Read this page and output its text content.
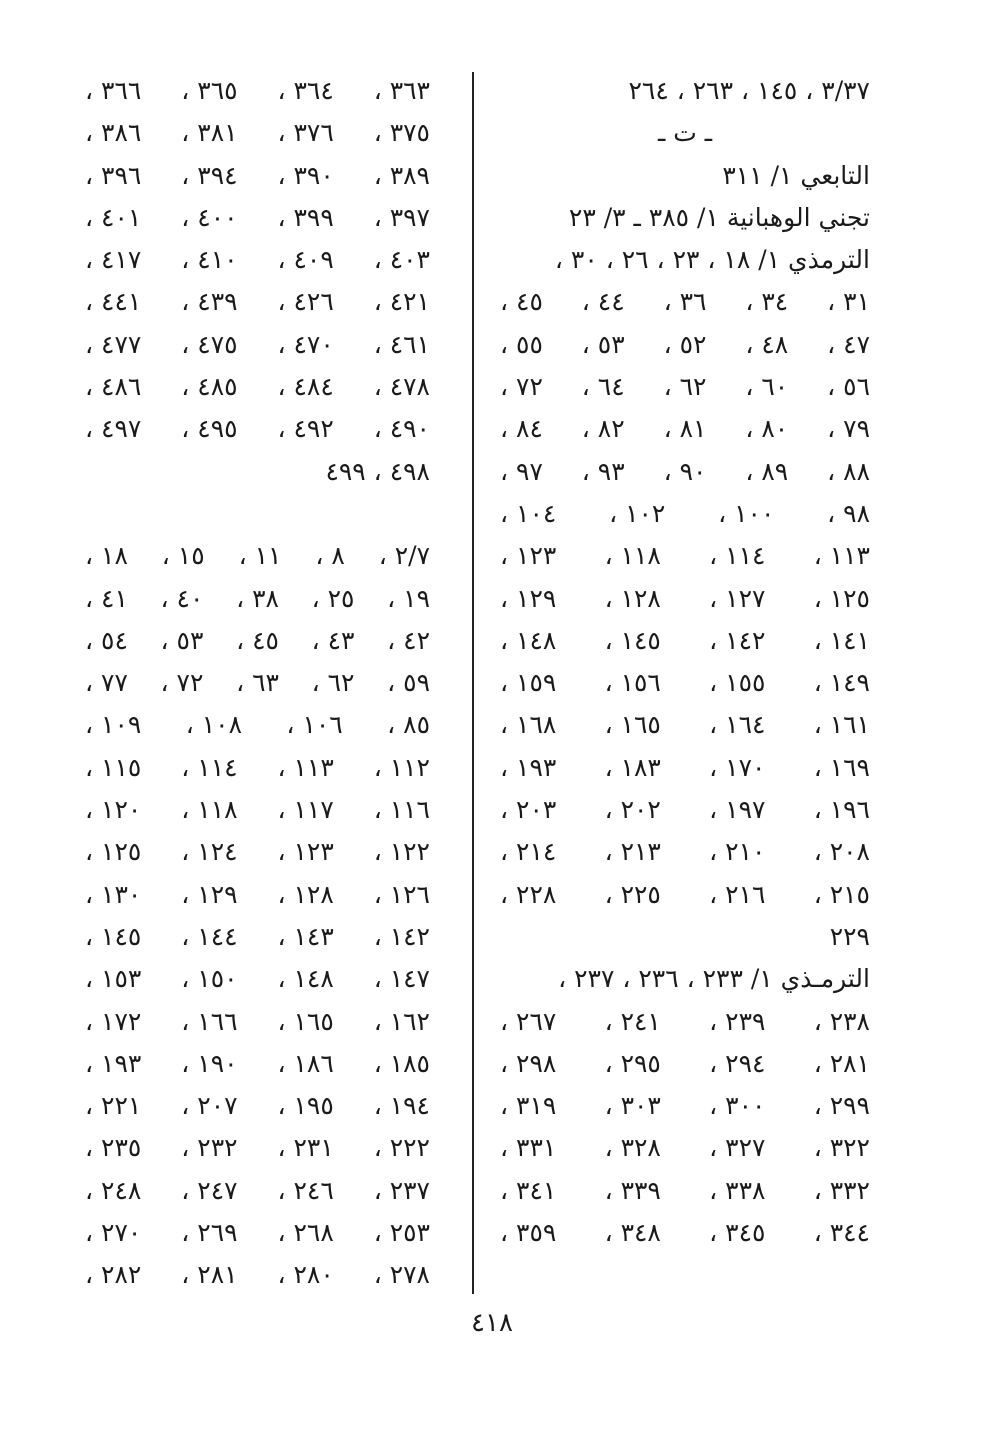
٣/٣٧ ، ١٤٥ ، ٢٦٣ ، ٢٦٤
ـ ت ـ
التابعي ١/ ٣١١
تجني الوهبانية ١/ ٣٨٥ ـ ٣/ ٢٣
الترمذي ١/ ١٨ ، ٢٣ ، ٢٦ ، ٣٠ ،
٣١ ،
٣٤ ،
٣٦ ،
٤٤ ،
٤٥ ،
٤٧ ،
٤٨ ،
٥٢ ،
٥٣ ،
٥٥ ،
٥٦ ،
٦٠ ،
٦٢ ،
٦٤ ،
٧٢ ،
٧٩ ،
٨٠ ،
٨١ ،
٨٢ ،
٨٤ ،
٨٨ ،
٨٩ ،
٩٠ ،
٩٣ ،
٩٧ ،
٩٨ ،
١٠٠ ،
١٠٢ ،
١٠٤ ،
١١٣ ،
١١٤ ،
١١٨ ،
١٢٣ ،
١٢٥ ،
١٢٧ ،
١٢٨ ،
١٢٩ ،
١٤١ ،
١٤٢ ،
١٤٥ ،
١٤٨ ،
١٤٩ ،
١٥٥ ،
١٥٦ ،
١٥٩ ،
١٦١ ،
١٦٤ ،
١٦٥ ،
١٦٨ ،
١٦٩ ،
١٧٠ ،
١٨٣ ،
١٩٣ ،
١٩٦ ،
١٩٧ ،
٢٠٢ ،
٢٠٣ ،
٢٠٨ ،
٢١٠ ،
٢١٣ ،
٢١٤ ،
٢١٥ ،
٢١٦ ،
٢٢٥ ،
٢٢٨ ،
٢٢٩
الترمـذي ١/ ٢٣٣ ، ٢٣٦ ، ٢٣٧ ،
٢٣٨ ،
٢٣٩ ،
٢٤١ ،
٢٦٧ ،
٢٨١ ،
٢٩٤ ،
٢٩٥ ،
٢٩٨ ،
٢٩٩ ،
٣٠٠ ،
٣٠٣ ،
٣١٩ ،
٣٢٢ ،
٣٢٧ ،
٣٢٨ ،
٣٣١ ،
٣٣٢ ،
٣٣٨ ،
٣٣٩ ،
٣٤١ ،
٣٤٤ ،
٣٤٥ ،
٣٤٨ ،
٣٥٩ ،
٣٦٣ ،
٣٦٤ ،
٣٦٥ ،
٣٦٦ ،
٣٧٥ ،
٣٧٦ ،
٣٨١ ،
٣٨٦ ،
٣٨٩ ،
٣٩٠ ،
٣٩٤ ،
٣٩٦ ،
٣٩٧ ،
٣٩٩ ،
٤٠٠ ،
٤٠١ ،
٤٠٣ ،
٤٠٩ ،
٤١٠ ،
٤١٧ ،
٤٢١ ،
٤٢٦ ،
٤٣٩ ،
٤٤١ ،
٤٦١ ،
٤٧٠ ،
٤٧٥ ،
٤٧٧ ،
٤٧٨ ،
٤٨٤ ،
٤٨٥ ،
٤٨٦ ،
٤٩٠ ،
٤٩٢ ،
٤٩٥ ،
٤٩٧ ،
٤٩٨ ، ٤٩٩
٢/٧ ،
٨ ،
١١ ،
١٥ ،
١٨ ،
١٩ ،
٢٥ ،
٣٨ ،
٤٠ ،
٤١ ،
٤٢ ،
٤٣ ،
٤٥ ،
٥٣ ،
٥٤ ،
٥٩ ،
٦٢ ،
٦٣ ،
٧٢ ،
٧٧ ،
٨٥ ،
١٠٦ ،
١٠٨ ،
١٠٩ ،
١١٢ ،
١١٣ ،
١١٤ ،
١١٥ ،
١١٦ ،
١١٧ ،
١١٨ ،
١٢٠ ،
١٢٢ ،
١٢٣ ،
١٢٤ ،
١٢٥ ،
١٢٦ ،
١٢٨ ،
١٢٩ ،
١٣٠ ،
١٤٢ ،
١٤٣ ،
١٤٤ ،
١٤٥ ،
١٤٧ ،
١٤٨ ،
١٥٠ ،
١٥٣ ،
١٦٢ ،
١٦٥ ،
١٦٦ ،
١٧٢ ،
١٨٥ ،
١٨٦ ،
١٩٠ ،
١٩٣ ،
١٩٤ ،
١٩٥ ،
٢٠٧ ،
٢٢١ ،
٢٢٢ ،
٢٣١ ،
٢٣٢ ،
٢٣٥ ،
٢٣٧ ،
٢٤٦ ،
٢٤٧ ،
٢٤٨ ،
٢٥٣ ،
٢٦٨ ،
٢٦٩ ،
٢٧٠ ،
٢٧٨ ،
٢٨٠ ،
٢٨١ ،
٢٨٢ ،
٤١٨
